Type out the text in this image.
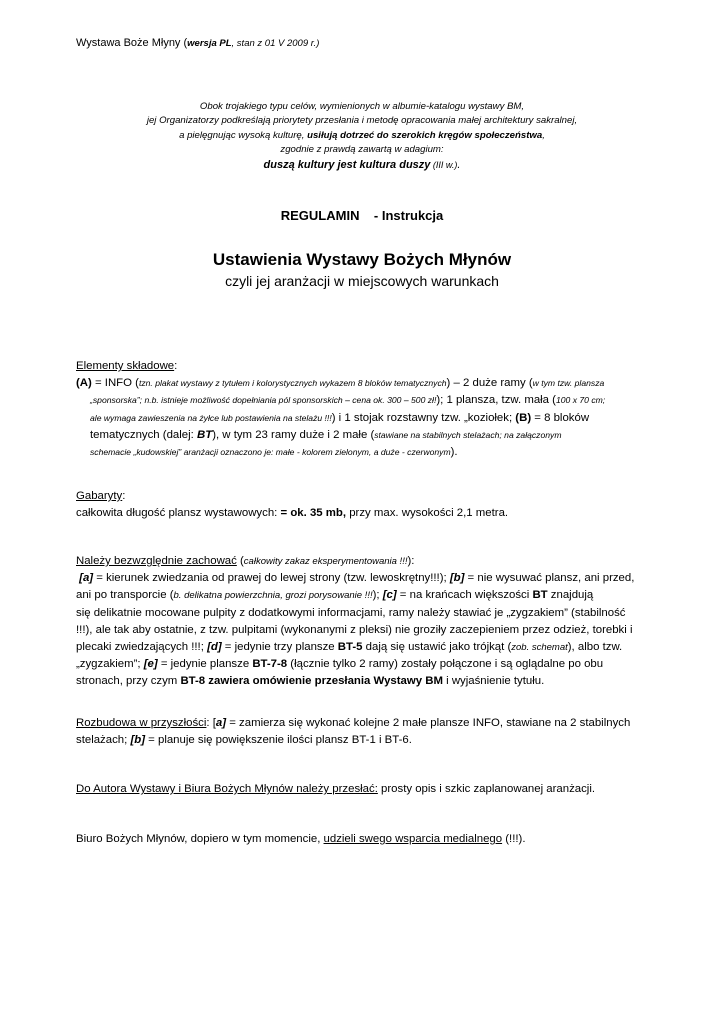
Wystawa Boże Młyny (wersja PL, stan z 01 V 2009 r.)
Obok trojakiego typu celów, wymienionych w albumie-katalogu wystawy BM,
jej Organizatorzy podkreślają priorytety przesłania i metodę opracowania małej architektury sakralnej,
a pielęgnując wysoką kulturę, usiłują dotrzeć do szerokich kręgów społeczeństwa,
zgodnie z prawdą zawartą w adagium:
duszą kultury jest kultura duszy (III w.).
REGULAMIN    - Instrukcja
Ustawienia Wystawy Bożych Młynów
czyli jej aranżacji w miejscowych warunkach

Elementy składowe:

(A) = INFO (tzn. plakat wystawy z tytułem i kolorystycznych wykazem 8 bloków tematycznych) – 2 duże ramy (w tym tzw. plansza

„sponsorska”; n.b. istnieje możliwość dopełniania pól sponsorskich – cena ok. 300 – 500 zł!); 1 plansza, tzw. mała (100 x 70 cm;

ale wymaga zawieszenia na żyłce lub postawienia na stelażu !!!) i 1 stojak rozstawny tzw. „koziołek; (B) = 8 bloków

tematycznych (dalej: BT), w tym 23 ramy duże i 2 małe (stawiane na stabilnych stelażach; na załączonym

schemacie „kudowskiej” aranżacji oznaczono je: małe - kolorem zielonym, a duże - czerwonym).

Gabaryty:

całkowita długość plansz wystawowych: = ok. 35 mb, przy max. wysokości 2,1 metra.

Należy bezwzględnie zachować (całkowity zakaz eksperymentowania !!!):

[a] = kierunek zwiedzania od prawej do lewej strony (tzw. lewoskrętny!!!); [b] = nie wysuwać plansz, ani przed,

ani po transporcie (b. delikatna powierzchnia, grozi porysowanie !!!); [c] = na krańcach większości BT znajdują

się delikatnie mocowane pulpity z dodatkowymi informacjami, ramy należy stawiać je „zygzakiem” (stabilność

!!!), ale tak aby ostatnie, z tzw. pulpitami (wykonanymi z pleksi) nie groziły zaczepieniem przez odzież, torebki i

plecaki zwiedzających !!!; [d] = jedynie trzy plansze BT-5 dają się ustawić jako trójkąt (zob. schemat), albo tzw.

„zygzakiem”; [e] = jedynie plansze BT-7-8 (łącznie tylko 2 ramy) zostały połączone i są oglądalne po obu

stronach, przy czym BT-8 zawiera omówienie przesłania Wystawy BM i wyjaśnienie tytułu.

Rozbudowa w przyszłości: [a] = zamierza się wykonać kolejne 2 małe plansze INFO, stawiane na 2 stabilnych

stelażach; [b] = planuje się powiększenie ilości plansz BT-1 i BT-6.

Do Autora Wystawy i Biura Bożych Młynów należy przesłać: prosty opis i szkic zaplanowanej aranżacji.

Biuro Bożych Młynów, dopiero w tym momencie, udzieli swego wsparcia medialnego (!!!).
